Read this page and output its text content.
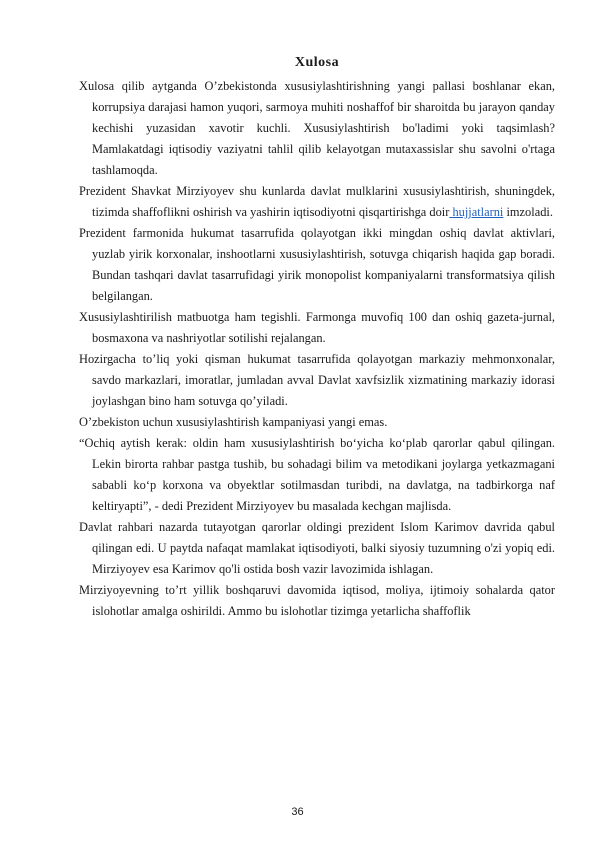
Xulosa

Xulosa qilib aytganda O’zbekistonda xususiylashtirishning yangi pallasi boshlanar ekan, korrupsiya darajasi hamon yuqori, sarmoya muhiti noshaffof bir sharoitda bu jarayon qanday kechishi yuzasidan xavotir kuchli. Xususiylashtirish bo'ladimi yoki taqsimlash? Mamlakatdagi iqtisodiy vaziyatni tahlil qilib kelayotgan mutaxassislar shu savolni o'rtaga tashlamoqda.

Prezident Shavkat Mirziyoyev shu kunlarda davlat mulklarini xususiylashtirish, shuningdek, tizimda shaffoflikni oshirish va yashirin iqtisodiyotni qisqartirishga doir hujjatlarni imzoladi.

Prezident farmonida hukumat tasarrufida qolayotgan ikki mingdan oshiq davlat aktivlari, yuzlab yirik korxonalar, inshootlarni xususiylashtirish, sotuvga chiqarish haqida gap boradi. Bundan tashqari davlat tasarrufidagi yirik monopolist kompaniyalarni transformatsiya qilish belgilangan.

Xususiylashtirilish matbuotga ham tegishli. Farmonga muvofiq 100 dan oshiq gazeta-jurnal, bosmaxona va nashriyotlar sotilishi rejalangan.

Hozirgacha to’liq yoki qisman hukumat tasarrufida qolayotgan markaziy mehmonxonalar, savdo markazlari, imoratlar, jumladan avval Davlat xavfsizlik xizmatining markaziy idorasi joylashgan bino ham sotuvga qo’yiladi.

O’zbekiston uchun xususiylashtirish kampaniyasi yangi emas.

“Ochiq aytish kerak: oldin ham xususiylashtirish boʻyicha koʻplab qarorlar qabul qilingan. Lekin birorta rahbar pastga tushib, bu sohadagi bilim va metodikani joylarga yetkazmagani sababli koʻp korxona va obyektlar sotilmasdan turibdi, na davlatga, na tadbirkorga naf keltiryapti”, - dedi Prezident Mirziyoyev bu masalada kechgan majlisda.

Davlat rahbari nazarda tutayotgan qarorlar oldingi prezident Islom Karimov davrida qabul qilingan edi. U paytda nafaqat mamlakat iqtisodiyoti, balki siyosiy tuzumning o'zi yopiq edi. Mirziyoyev esa Karimov qo'li ostida bosh vazir lavozimida ishlagan.

Mirziyoyevning to’rt yillik boshqaruvi davomida iqtisod, moliya, ijtimoiy sohalarda qator islohotlar amalga oshirildi. Ammo bu islohotlar tizimga yetarlicha shaffoflik

36
